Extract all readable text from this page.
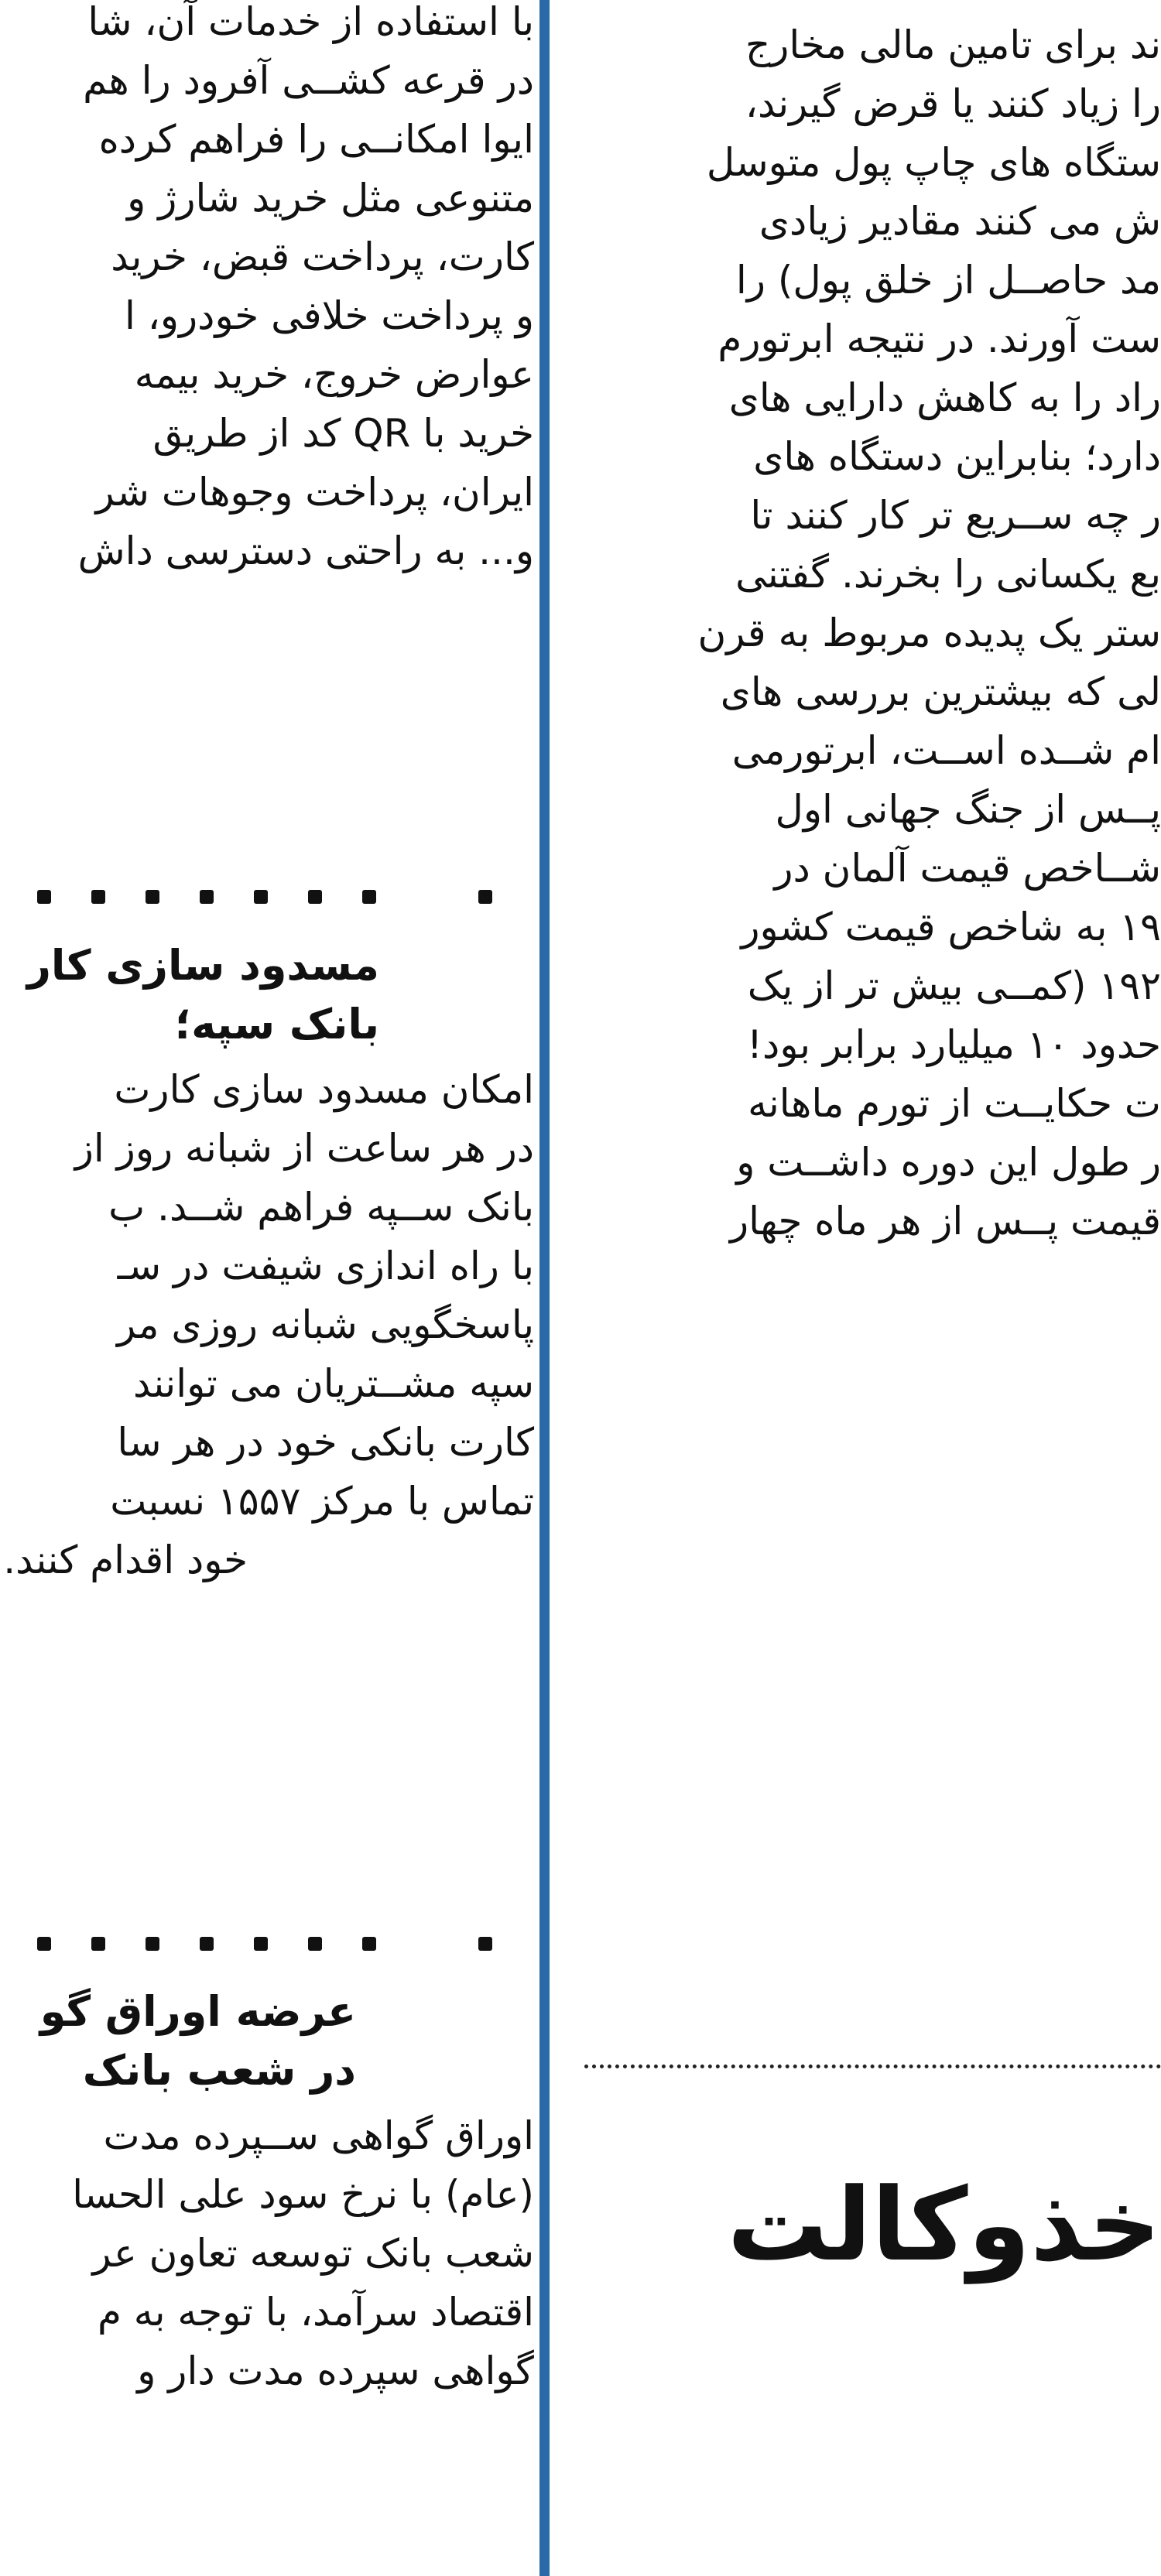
با استفاده از خدمات آن، شا
در قرعه کشــی آفرود را هم
ایوا امکانــی را فراهم کرده
متنوعی مثل خرید شارژ و
کارت، پرداخت قبض، خرید
و پرداخت خلافی خودرو، ا
عوارض خروج، خرید بیمه
خرید با QR کد از طریق
ایران، پرداخت وجوهات شر
و... به راحتی دسترسی داش

مسدود سازی کار
بانک سپه؛

امکان مسدود سازی کارت
در هر ساعت از شبانه روز از
بانک ســپه فراهم شــد. ب
با راه اندازی شیفت در سـ
پاسخگویی شبانه روزی مر
سپه مشــتریان می توانند
کارت بانکی خود در هر سا
تماس با مرکز ۱۵۵۷ نسبت
خود اقدام کنند.

عرضه اوراق گو
در شعب بانک

اوراق گواهی ســپرده مدت
(عام) با نرخ سود علی الحسا
شعب بانک توسعه تعاون عر
اقتصاد سرآمد، با توجه به م
گواهی سپرده مدت دار و

ند برای تامین مالی مخارج
را زیاد کنند یا قرض گیرند،
ستگاه های چاپ پول متوسل
ش می کنند مقادیر زیادی
مد حاصــل از خلق پول) را
ست آورند. در نتیجه ابرتورم
راد را به کاهش دارایی های
دارد؛ بنابراین دستگاه های
ر چه ســریع تر کار کنند تا
بع یکسانی را بخرند. گفتنی
ستر یک پدیده مربوط به قرن
لی که بیشترین بررسی های
ام شــده اســت، ابرتورمی
پــس از جنگ جهانی اول
شــاخص قیمت آلمان در
۱۹ به شاخص قیمت کشور
۱۹۲ (کمــی بیش تر از یک
حدود ۱۰ میلیارد برابر بود!
ت حکایــت از تورم ماهانه
ر طول این دوره داشــت و
قیمت پــس از هر ماه چهار

خذوکالت
